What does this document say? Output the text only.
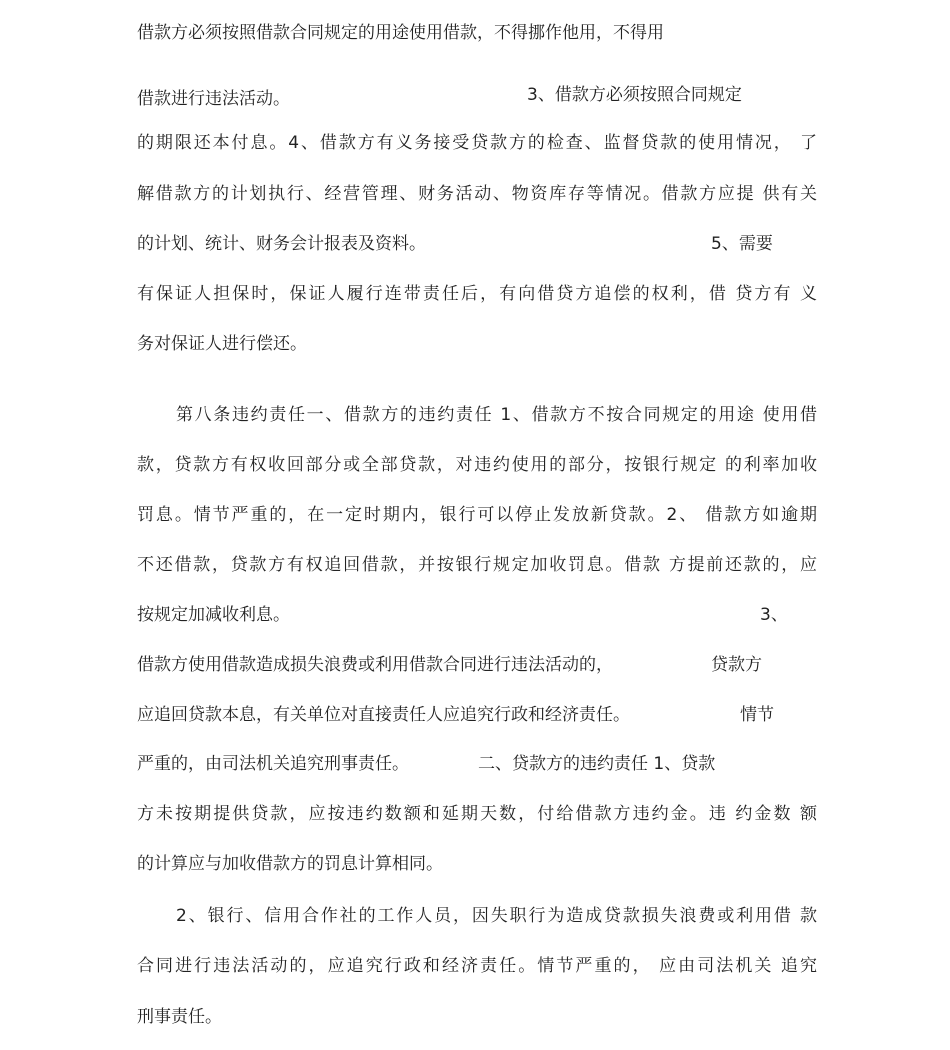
借款方必须按照借款合同规定的用途使用借款，不得挪作他用，不得用
借款进行违法活动。	3、借款方必须按照合同规定
的期限还本付息。4、借款方有义务接受贷款方的检查、监督贷款的使用情况， 了
解借款方的计划执行、经营管理、财务活动、物资库存等情况。借款方应提 供有关
的计划、统计、财务会计报表及资料。	5、需要
有保证人担保时，保证人履行连带责任后，有向借贷方追偿的权利，借 贷方有 义
务对保证人进行偿还。
第八条违约责任一、借款方的违约责任 1、借款方不按合同规定的用途 使用借
款，贷款方有权收回部分或全部贷款，对违约使用的部分，按银行规定 的利率加收
罚息。情节严重的，在一定时期内，银行可以停止发放新贷款。2、 借款方如逾期
不还借款，贷款方有权追回借款，并按银行规定加收罚息。借款 方提前还款的，应
按规定加减收利息。	3、
借款方使用借款造成损失浪费或利用借款合同进行违法活动的，	贷款方
应追回贷款本息，有关单位对直接责任人应追究行政和经济责任。	情节
严重的，由司法机关追究刑事责任。	二、贷款方的违约责任 1、贷款
方未按期提供贷款，应按违约数额和延期天数，付给借款方违约金。违 约金数 额
的计算应与加收借款方的罚息计算相同。
2、银行、信用合作社的工作人员，因失职行为造成贷款损失浪费或利用借 款
合同进行违法活动的，应追究行政和经济责任。情节严重的， 应由司法机关 追究
刑事责任。
